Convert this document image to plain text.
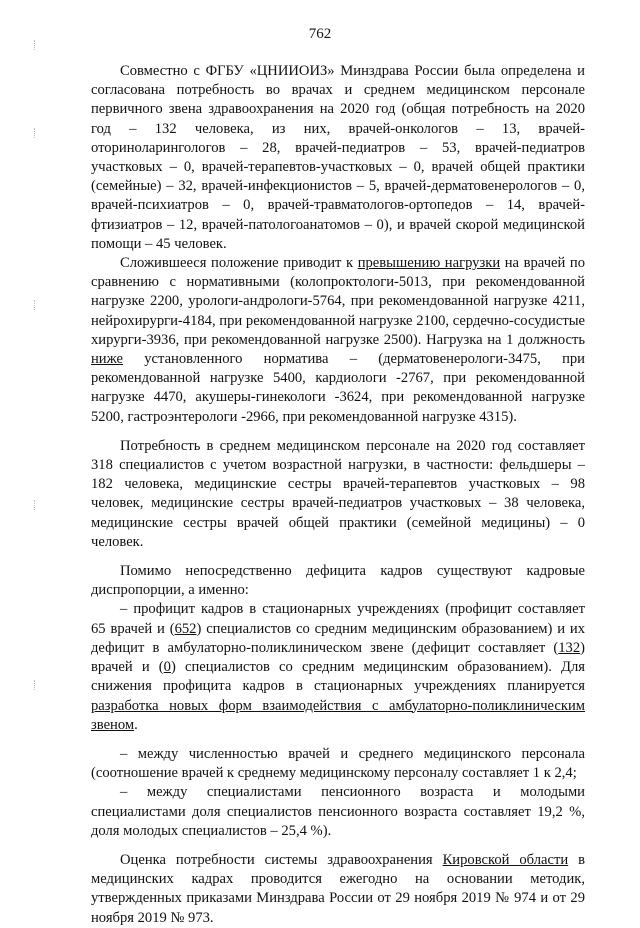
762

Совместно с ФГБУ «ЦНИИОИЗ» Минздрава России была определена и согласована потребность во врачах и среднем медицинском персонале первичного звена здравоохранения на 2020 год (общая потребность на 2020 год – 132 человека, из них, врачей-онкологов – 13, врачей-оториноларингологов – 28, врачей-педиатров – 53, врачей-педиатров участковых – 0, врачей-терапевтов-участковых – 0, врачей общей практики (семейные) – 32, врачей-инфекционистов – 5, врачей-дерматовенерологов – 0, врачей-психиатров – 0, врачей-травматологов-ортопедов – 14, врачей-фтизиатров – 12, врачей-патологоанатомов – 0), и врачей скорой медицинской помощи – 45 человек.

Сложившееся положение приводит к превышению нагрузки на врачей по сравнению с нормативными (колопроктологи-5013, при рекомендованной нагрузке 2200, урологи-андрологи-5764, при рекомендованной нагрузке 4211, нейрохирурги-4184, при рекомендованной нагрузке 2100, сердечно-сосудистые хирурги-3936, при рекомендованной нагрузке 2500). Нагрузка на 1 должность ниже установленного норматива – (дерматовенерологи-3475, при рекомендованной нагрузке 5400, кардиологи -2767, при рекомендованной нагрузке 4470, акушеры-гинекологи -3624, при рекомендованной нагрузке 5200, гастроэнтерологи -2966, при рекомендованной нагрузке 4315).

Потребность в среднем медицинском персонале на 2020 год составляет 318 специалистов с учетом возрастной нагрузки, в частности: фельдшеры – 182 человека, медицинские сестры врачей-терапевтов участковых – 98 человек, медицинские сестры врачей-педиатров участковых – 38 человека, медицинские сестры врачей общей практики (семейной медицины) – 0 человек.

Помимо непосредственно дефицита кадров существуют кадровые диспропорции, а именно:

– профицит кадров в стационарных учреждениях (профицит составляет 65 врачей и (652) специалистов со средним медицинским образованием) и их дефицит в амбулаторно-поликлиническом звене (дефицит составляет (132) врачей и (0) специалистов со средним медицинским образованием). Для снижения профицита кадров в стационарных учреждениях планируется разработка новых форм взаимодействия с амбулаторно-поликлиническим звеном.

– между численностью врачей и среднего медицинского персонала (соотношение врачей к среднему медицинскому персоналу составляет 1 к 2,4;

– между специалистами пенсионного возраста и молодыми специалистами доля специалистов пенсионного возраста составляет 19,2 %, доля молодых специалистов – 25,4 %).

Оценка потребности системы здравоохранения Кировской области в медицинских кадрах проводится ежегодно на основании методик, утвержденных приказами Минздрава России от 29 ноября 2019 № 974 и от 29 ноября 2019 № 973.
